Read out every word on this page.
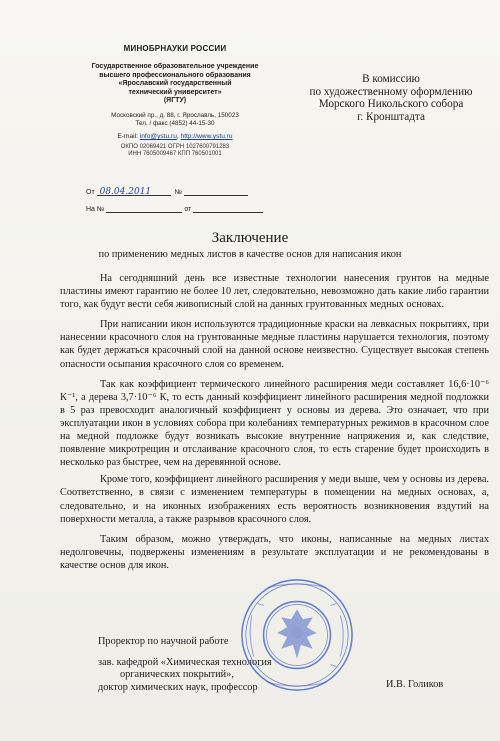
МИНОБРНАУКИ РОССИИ
Государственное образовательное учреждение
высшего профессионального образования
«Ярославский государственный
технический университет»
(ЯГТУ)
Московский пр., д. 88, г. Ярославль, 150023
Тел. / факс (4852) 44-15-30
E-mail: info@ystu.ru, http://www.ystu.ru
ОКПО 02069421 ОГРН 1027600791283
ИНН 7605009467 КПП 760501001
От 08.04.2011	№
На №	от
В комиссию
по художественному оформлению
Морского Никольского собора
г. Кронштадта
Заключение
по применению медных листов в качестве основ для написания икон

На сегодняшний день все известные технологии нанесения грунтов на медные пластины имеют гарантию не более 10 лет, следовательно, невозможно дать какие либо гарантии того, как будут вести себя живописный слой на данных грунтованных медных основах.

При написании икон используются традиционные краски на левкасных покрытиях, при нанесении красочного слоя на грунтованные медные пластины нарушается технология, поэтому как будет держаться красочный слой на данной основе неизвестно. Существует высокая степень опасности осыпания красочного слоя со временем.

Так как коэффициент термического линейного расширения меди составляет 16,6·10⁻⁶ К⁻¹, а дерева 3,7·10⁻⁶ К, то есть данный коэффициент линейного расширения медной подложки в 5 раз превосходит аналогичный коэффициент у основы из дерева. Это означает, что при эксплуатации икон в условиях собора при колебаниях температурных режимов в красочном слое на медной подложке будут возникать высокие внутренние напряжения и, как следствие, появление микротрещин и отслаивание красочного слоя, то есть старение будет происходить в несколько раз быстрее, чем на деревянной основе.

Кроме того, коэффициент линейного расширения у меди выше, чем у основы из дерева. Соответственно, в связи с изменением температуры в помещении на медных основах, а, следовательно, и на иконных изображениях есть вероятность возникновения вздутий на поверхности металла, а также разрывов красочного слоя.

Таким образом, можно утверждать, что иконы, написанные на медных листах недолговечны, подвержены изменениям в результате эксплуатации и не рекомендованы в качестве основ для икон.

Проректор по научной работе
зав. кафедрой «Химическая технология
органических покрытий»,
доктор химических наук, профессор	И.В. Голиков
